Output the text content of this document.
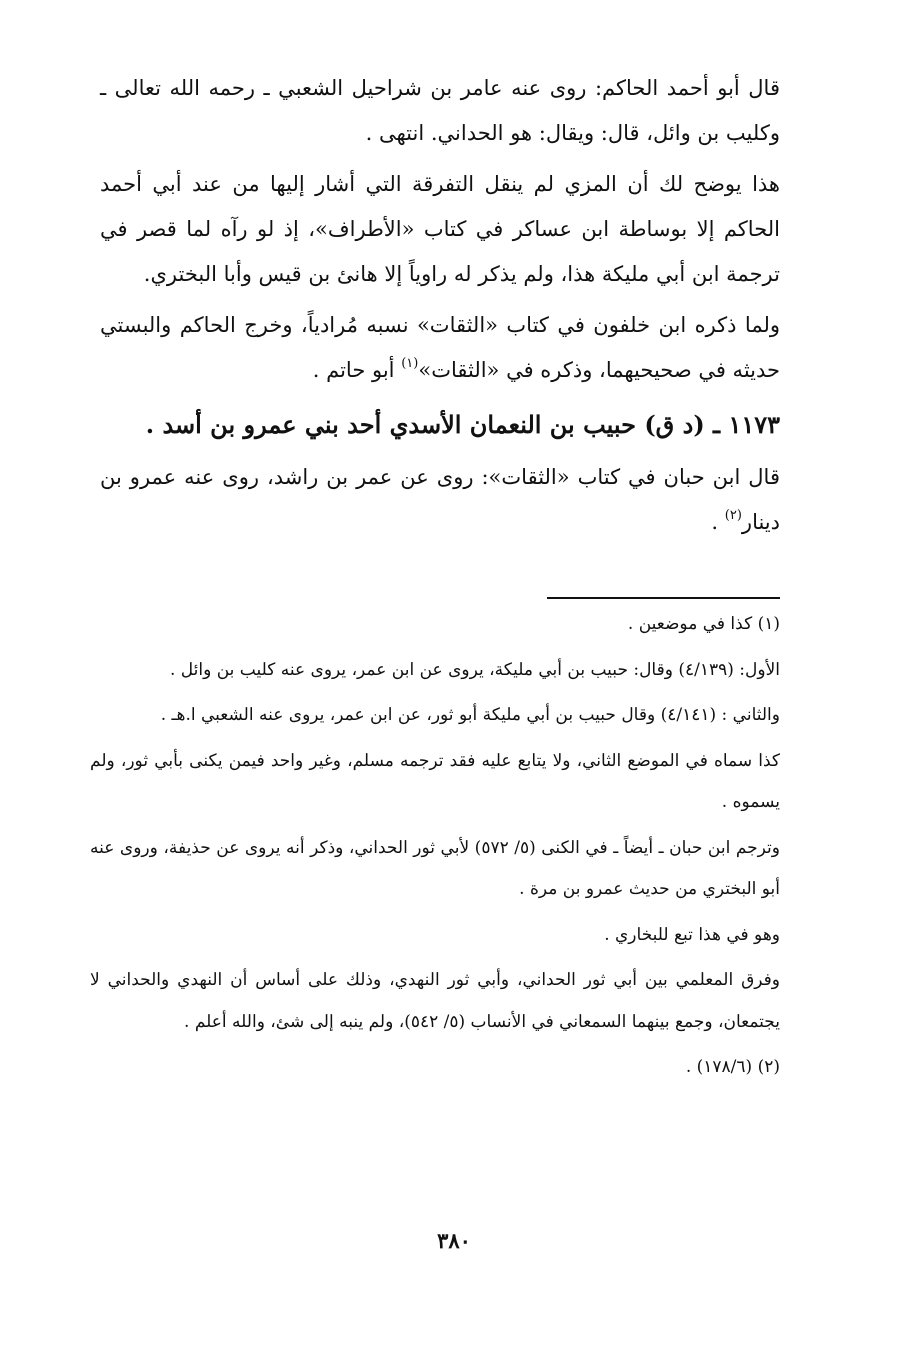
قال أبو أحمد الحاكم: روى عنه عامر بن شراحيل الشعبي ـ رحمه الله تعالى ـ وكليب بن وائل، قال: ويقال: هو الحداني. انتهى .

هذا يوضح لك أن المزي لم ينقل التفرقة التي أشار إليها من عند أبي أحمد الحاكم إلا بوساطة ابن عساكر في كتاب «الأطراف»، إذ لو رآه لما قصر في ترجمة ابن أبي مليكة هذا، ولم يذكر له راوياً إلا هانئ بن قيس وأبا البختري.

ولما ذكره ابن خلفون في كتاب «الثقات» نسبه مُرادياً، وخرج الحاكم والبستي حديثه في صحيحيهما، وذكره في «الثقات»$^{(١)}$ أبو حاتم .

١١٧٣ ـ (د ق) حبيب بن النعمان الأسدي أحد بني عمرو بن أسد .

قال ابن حبان في كتاب «الثقات»: روى عن عمر بن راشد، روى عنه عمرو بن دينار$^{(٢)}$ .

(١) كذا في موضعين .

الأول: (٤/١٣٩) وقال: حبيب بن أبي مليكة، يروى عن ابن عمر، يروى عنه كليب بن وائل .

والثاني : (٤/١٤١) وقال حبيب بن أبي مليكة أبو ثور، عن ابن عمر، يروى عنه الشعبي ا.هـ .

كذا سماه في الموضع الثاني، ولا يتابع عليه فقد ترجمه مسلم، وغير واحد فيمن يكنى بأبي ثور، ولم يسموه .

وترجم ابن حبان ـ أيضاً ـ في الكنى (٥/ ٥٧٢) لأبي ثور الحداني، وذكر أنه يروى عن حذيفة، وروى عنه أبو البختري من حديث عمرو بن مرة .

وهو في هذا تبع للبخاري .

وفرق المعلمي بين أبي ثور الحداني، وأبي ثور النهدي، وذلك على أساس أن النهدي والحداني لا يجتمعان، وجمع بينهما السمعاني في الأنساب (٥/ ٥٤٢)، ولم ينبه إلى شئ، والله أعلم .

(٢) (١٧٨/٦) .

٣٨٠
